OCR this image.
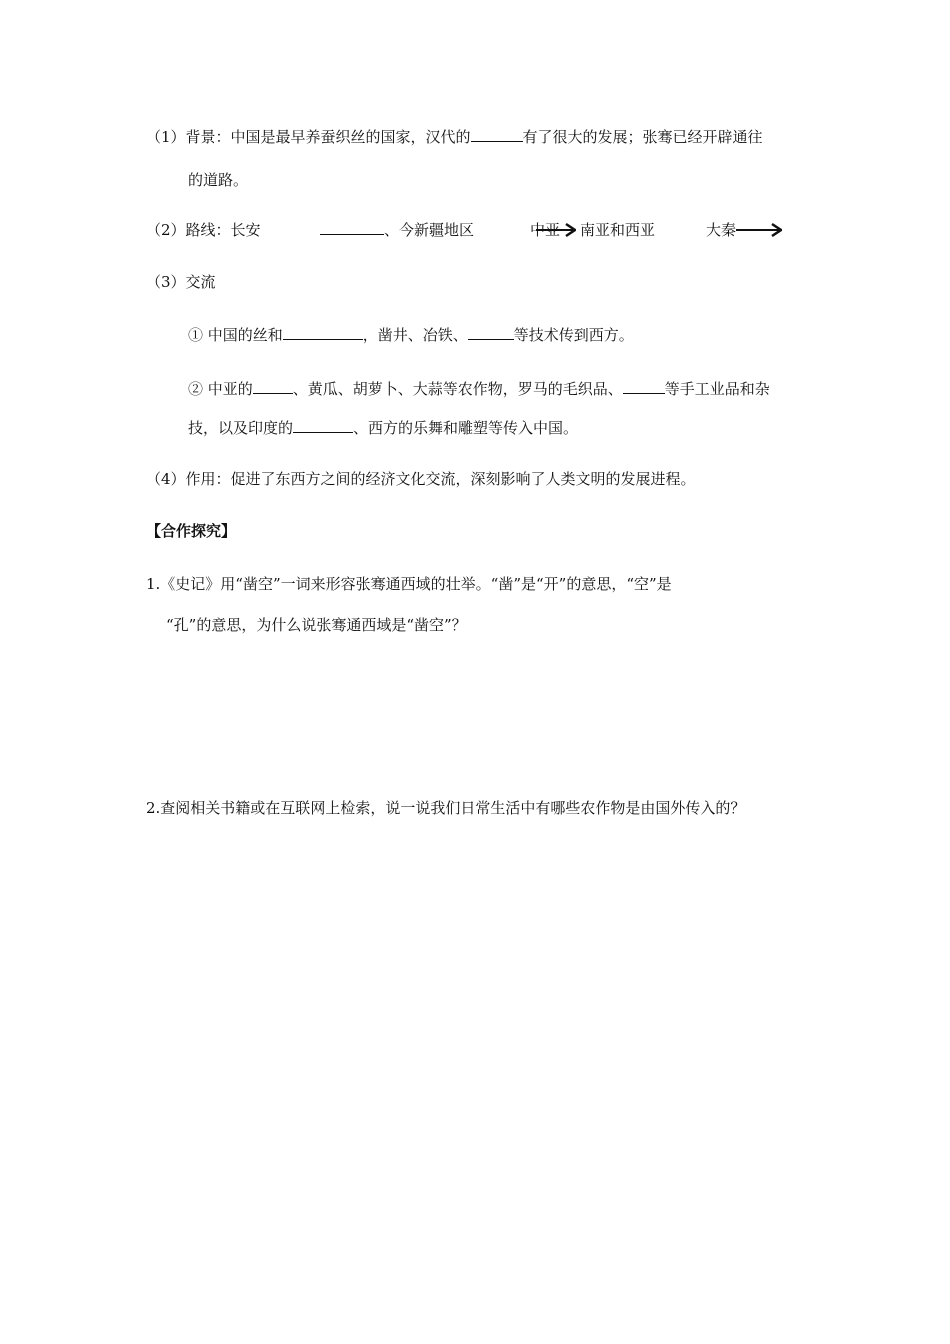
（1）背景：中国是最早养蚕织丝的国家，汉代的	有了很大的发展；张骞已经开辟通往
的道路。
（2）路线：长安	、今新疆地区	中亚 南亚和西亚	大秦
（3）交流
① 中国的丝和	，凿井、冶铁、	等技术传到西方。
② 中亚的	、黄瓜、胡萝卜、大蒜等农作物，罗马的毛织品、	等手工业品和杂
技，以及印度的	、西方的乐舞和雕塑等传入中国。
（4）作用：促进了东西方之间的经济文化交流，深刻影响了人类文明的发展进程。
【合作探究】
1.《史记》用“凿空”一词来形容张骞通西域的壮举。“凿”是“开”的意思，“空”是
“孔”的意思，为什么说张骞通西域是“凿空”？
2.查阅相关书籍或在互联网上检索，说一说我们日常生活中有哪些农作物是由国外传入的？
